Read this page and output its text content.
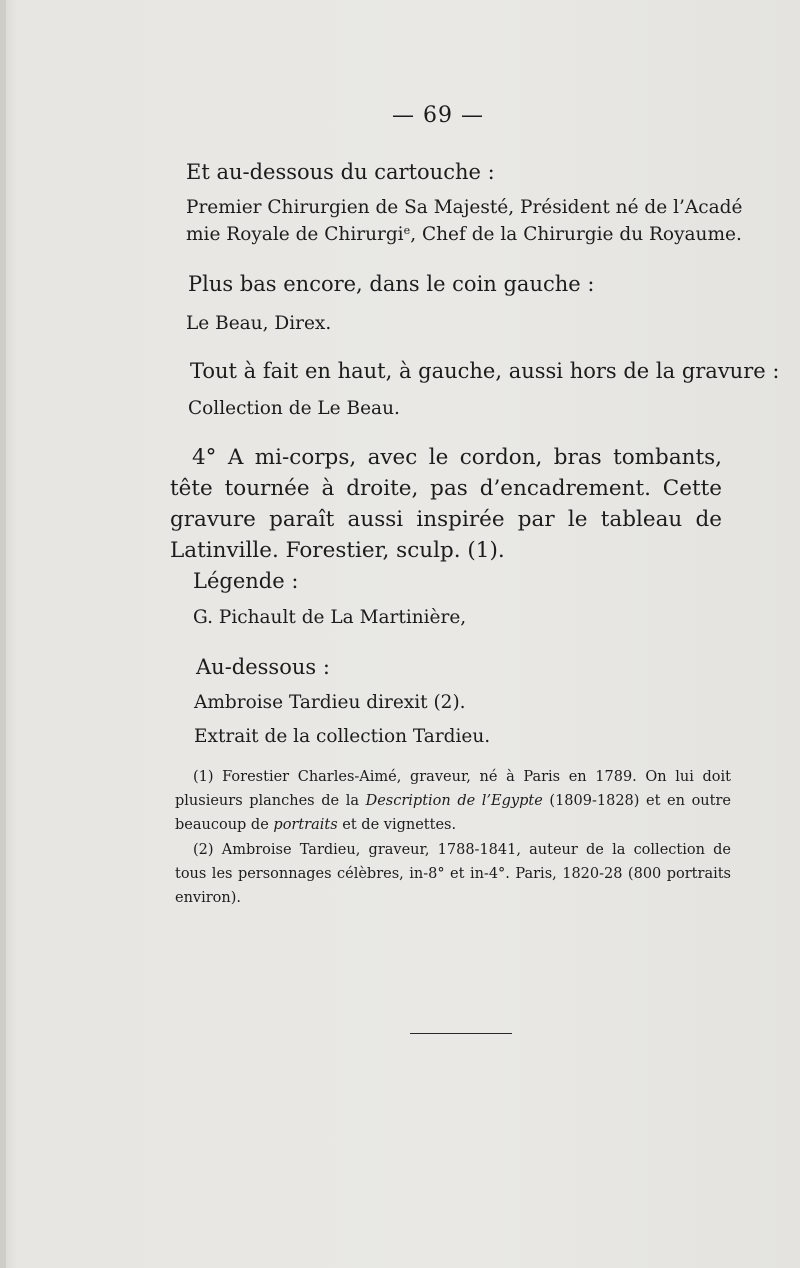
— 69 —
Et au-dessous du cartouche :
Premier Chirurgien de Sa Majesté, Président né de l’Acadé
mie Royale de Chirurgi$^e$, Chef de la Chirurgie du Royaume.
Plus bas encore, dans le coin gauche :
Le Beau, Direx.
Tout à fait en haut, à gauche, aussi hors de la gravure :
Collection de Le Beau.
4° A mi-corps, avec le cordon, bras tombants, tête tournée à droite, pas d’encadrement. Cette gravure paraît aussi inspirée par le tableau de Latinville. Forestier, sculp. (1).
Légende :
G. Pichault de La Martinière,
Au-dessous :
Ambroise Tardieu direxit (2).
Extrait de la collection Tardieu.
(1) Forestier Charles-Aimé, graveur, né à Paris en 1789. On lui doit plusieurs planches de la Description de l’Egypte (1809-1828) et en outre beaucoup de portraits et de vignettes.
(2) Ambroise Tardieu, graveur, 1788-1841, auteur de la collection de tous les personnages célèbres, in-8° et in-4°. Paris, 1820-28 (800 portraits environ).
